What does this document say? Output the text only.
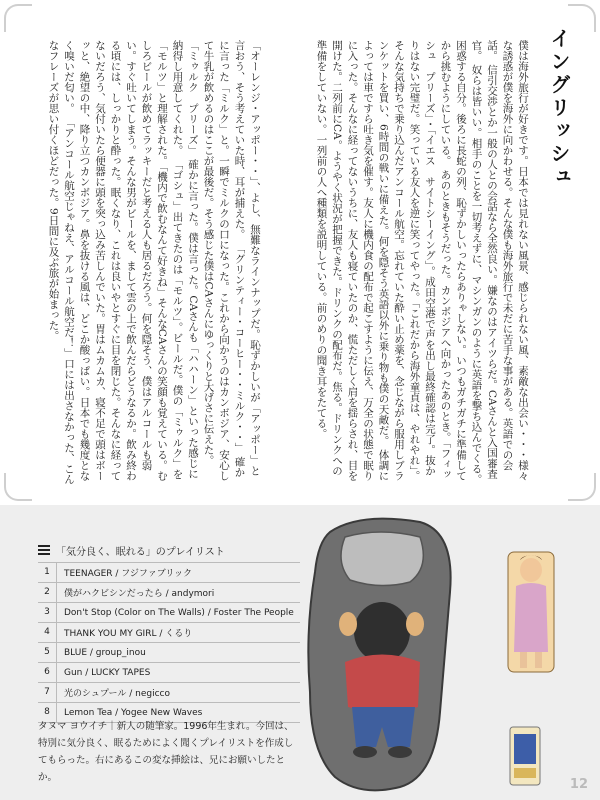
イングリッシュ
僕は海外旅行が好きです。日本では見れない風景、感じられない風、素敵な出会い・・・様々な誘惑が僕を海外に向かわせる。そんな僕も海外旅行で未だに苦手な事がある。英語での会話。 信引交渉とか一般の人との会話なら全然良い。嫌なのはアイツらだ。CAさんと入国審査官。 奴らは皆いい。相手のことを一切考えずに、マシンガンのように英語を撃ち込んでくる。困惑する自分。後ろに長蛇の列、恥ずかしいったらありゃしない。いつもガチガチに準備してから挑むようにしている。 あのときもそうだった。カンボジアへ向かったあのとき。「フィッシュ　プリーズ」・「イエス　サイトシーイング」。成田空港で声を出し最終確認は完了。抜かりはない完璧だ。笑っている友人を逆に笑ってやった。「これだから海外童貞は、やれやれ」。そんな気持ちで乗り込んだアンコール航空。忘れていた酔い止め薬を、念じながら服用しブランケットを買い、6時間の戦いに備えた。何を隠そう英語以外に乗り物も僕の天敵だ。 体調によっては車ですら吐き気を催す。友人に機内食の配布で起こすように伝え、万全の状態で眠りに入った。そんなに経ってないうちに、友人も寝ていたのか、慌ただしく肩を揺らされ、目を開けた。二列前にCA。ようやく状況が把握できた。ドリンクの配布だ。焦る。ドリンクへの準備をしていない。一列前の人へ種類を説明している。前のめりの聞き耳をたてる。
「オーレンジ・アッポー・・」、よし、無難なラインナップだ。恥ずかしいが「アッポー」と言おう、そう考えていた時、耳が捕えた。 「グリンティー・コーヒー・・ミルク・・」 確かに言った「ミルク」と。一瞬でミルクの口になった。これから向かうのはカンボジア、安心して牛乳が飲めるのはここが最後だ。そう感じた僕はCAさんにゆっくりと大げさに伝えた。 「ミゥルク　プリーズ」 確かに言った。僕は言った。CAさんも「ハハーン」といった感じに納得し用意してくれた。 「ゴシュ」出てきたのは「モルツ」。ビールだ。僕の「ミゥルク」を「モルツ」と理解された。「機内で飲むなんて好きね」そんなCAさんの笑顔も覚えている。むしろビールが飲めてラッキーだと考える人も居るだろう。何を隠そう、僕はアルコールも弱い。すぐ吐いてしまう。そんな男がビールを、まして雲の上で飲んだらどうなるか。飲み終わる頃には、しっかりと酔った。眠くなり、これは良いやとすぐに目を閉じた。そんなに経ってないだろう、気付いたら便器に頭を突っ込み苦しんでいた。胃はムカムカ、寝不足で頭はボーッと、絶望の中、降り立つカンボジア。鼻を抜ける風は、どこか酸っぱい。日本でも幾度となく嗅いだ匂い。 「アンコール航空じゃねえ、アルコール航空だ！」口には出さなかった、こんなフレーズが思い付くほどだった。9日間に及ぶ旅が始まった。
「気分良く、眠れる」のプレイリスト
1	TEENAGER / フジファブリック
2	僕がハクビシンだったら / andymori
3	Don't Stop (Color on The Walls) / Foster The People
4	THANK YOU MY GIRL / くるり
5	BLUE / group_inou
6	Gun / LUCKY TAPES
7	光のシュプール / negicco
8	Lemon Tea / Yogee New Waves
タヌマ ヨウイチ｜新人の随筆家。1996年生まれ。今回は、特別に気分良く、眠るためによく聞くプレイリストを作成してもらった。右にあるこの変な挿絵は、兄にお願いしたとか。	12
